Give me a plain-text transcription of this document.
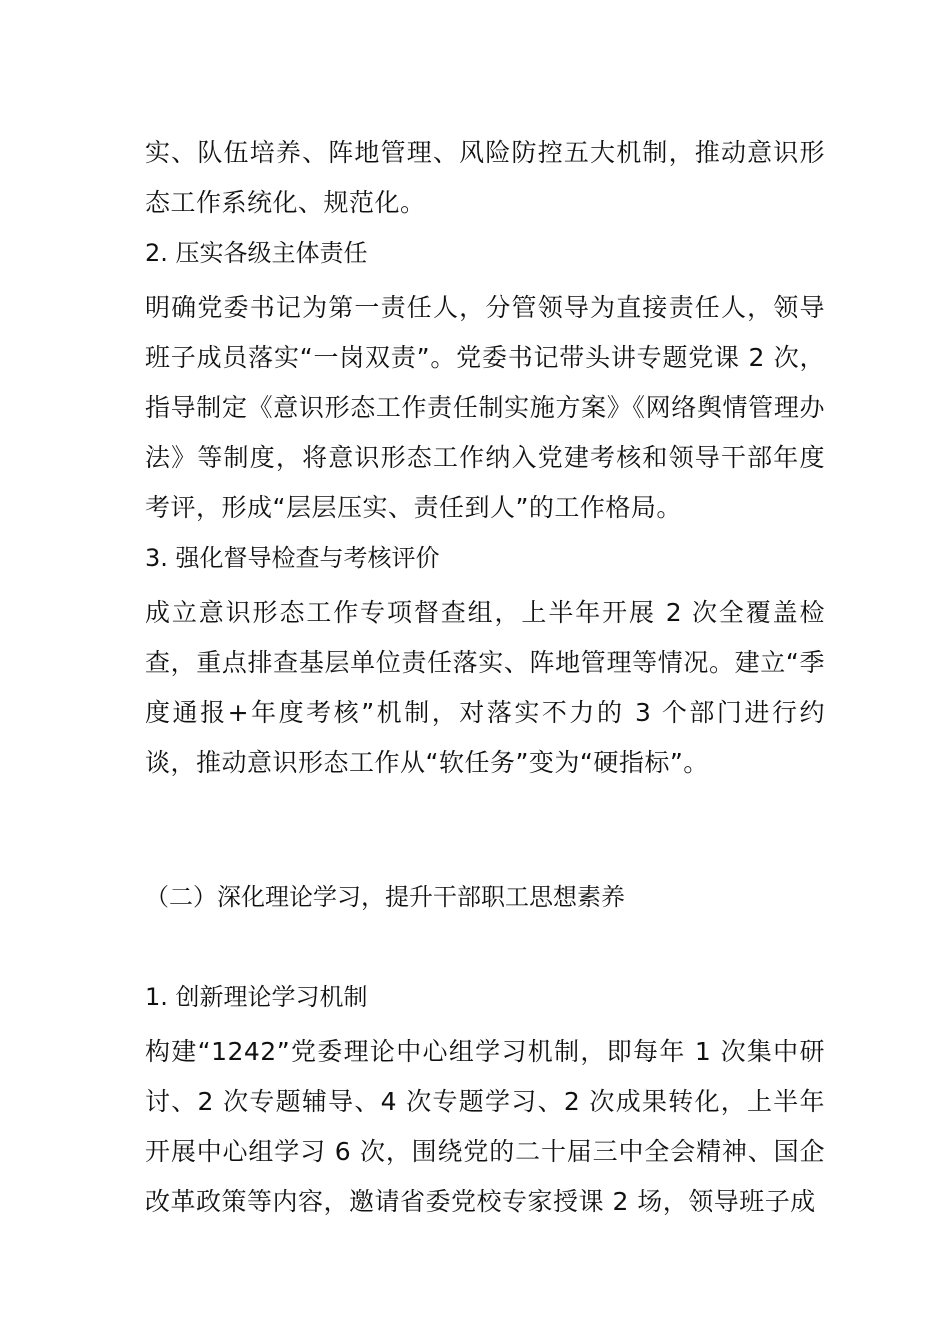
实、队伍培养、阵地管理、风险防控五大机制，推动意识形态工作系统化、规范化。

2. 压实各级主体责任

明确党委书记为第一责任人，分管领导为直接责任人，领导班子成员落实“一岗双责”。党委书记带头讲专题党课 2 次，指导制定《意识形态工作责任制实施方案》《网络舆情管理办法》等制度，将意识形态工作纳入党建考核和领导干部年度考评，形成“层层压实、责任到人”的工作格局。

3. 强化督导检查与考核评价

成立意识形态工作专项督查组，上半年开展 2 次全覆盖检查，重点排查基层单位责任落实、阵地管理等情况。建立“季度通报+年度考核”机制，对落实不力的 3 个部门进行约谈，推动意识形态工作从“软任务”变为“硬指标”。

（二）深化理论学习，提升干部职工思想素养

1. 创新理论学习机制

构建“1242”党委理论中心组学习机制，即每年 1 次集中研讨、2 次专题辅导、4 次专题学习、2 次成果转化，上半年开展中心组学习 6 次，围绕党的二十届三中全会精神、国企改革政策等内容，邀请省委党校专家授课 2 场，领导班子成
